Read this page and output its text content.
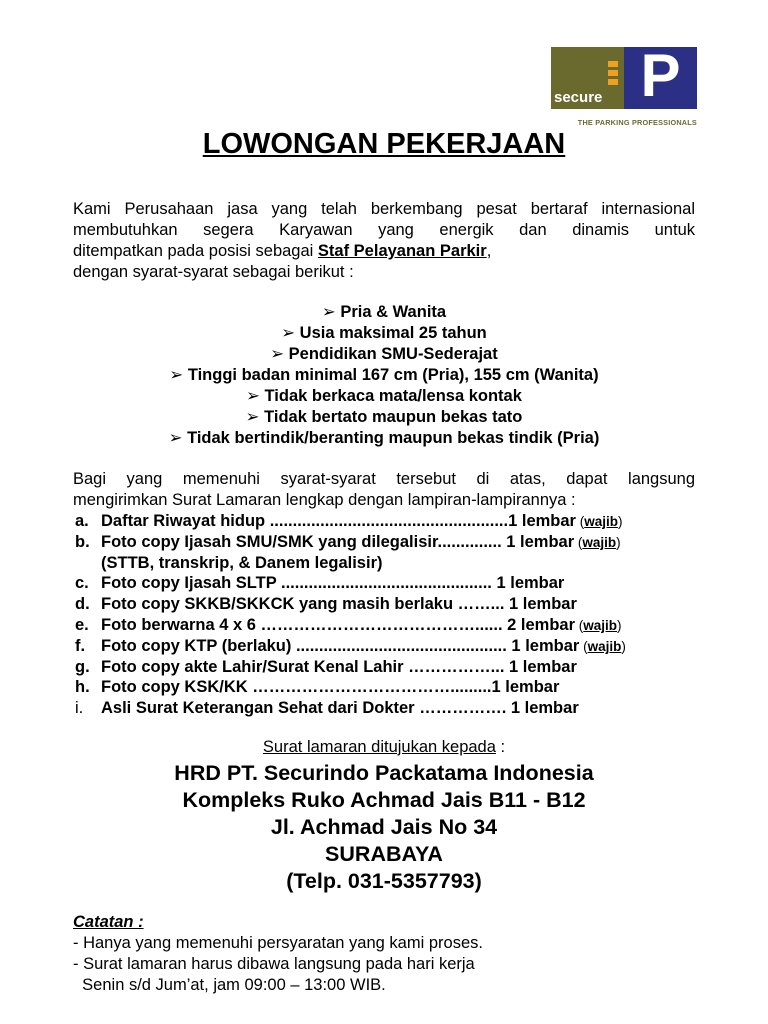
secure P
THE PARKING PROFESSIONALS
LOWONGAN PEKERJAAN
Kami Perusahaan jasa yang telah berkembang pesat bertaraf internasional
membutuhkan segera Karyawan yang energik dan dinamis untuk
ditempatkan pada posisi sebagai Staf Pelayanan Parkir,
dengan syarat-syarat sebagai berikut :
➢ Pria & Wanita
➢ Usia maksimal 25 tahun
➢ Pendidikan SMU-Sederajat
➢ Tinggi badan minimal 167 cm (Pria), 155 cm (Wanita)
➢ Tidak berkaca mata/lensa kontak
➢ Tidak bertato maupun bekas tato
➢ Tidak bertindik/beranting maupun bekas tindik (Pria)
Bagi yang memenuhi syarat-syarat tersebut di atas, dapat langsung
mengirimkan Surat Lamaran lengkap dengan lampiran-lampirannya :
a. Daftar Riwayat hidup ....................................................1 lembar (wajib)
b. Foto copy Ijasah SMU/SMK yang dilegalisir.............. 1 lembar (wajib)
(STTB, transkrip, & Danem legalisir)
c. Foto copy Ijasah SLTP .............................................. 1 lembar
d. Foto copy SKKB/SKKCK yang masih berlaku ……... 1 lembar
e. Foto berwarna 4 x 6 …………………………………...... 2 lembar (wajib)
f. Foto copy KTP (berlaku) .............................................. 1 lembar (wajib)
g. Foto copy akte Lahir/Surat Kenal Lahir ……………... 1 lembar
h. Foto copy KSK/KK ……………………………….........1 lembar
i. Asli Surat Keterangan Sehat dari Dokter ……………. 1 lembar
Surat lamaran ditujukan kepada :
HRD PT. Securindo Packatama Indonesia
Kompleks Ruko Achmad Jais B11 - B12
Jl. Achmad Jais No 34
SURABAYA
(Telp. 031-5357793)
Catatan :
- Hanya yang memenuhi persyaratan yang kami proses.
- Surat lamaran harus dibawa langsung pada hari kerja
Senin s/d Jum’at, jam 09:00 – 13:00 WIB.
